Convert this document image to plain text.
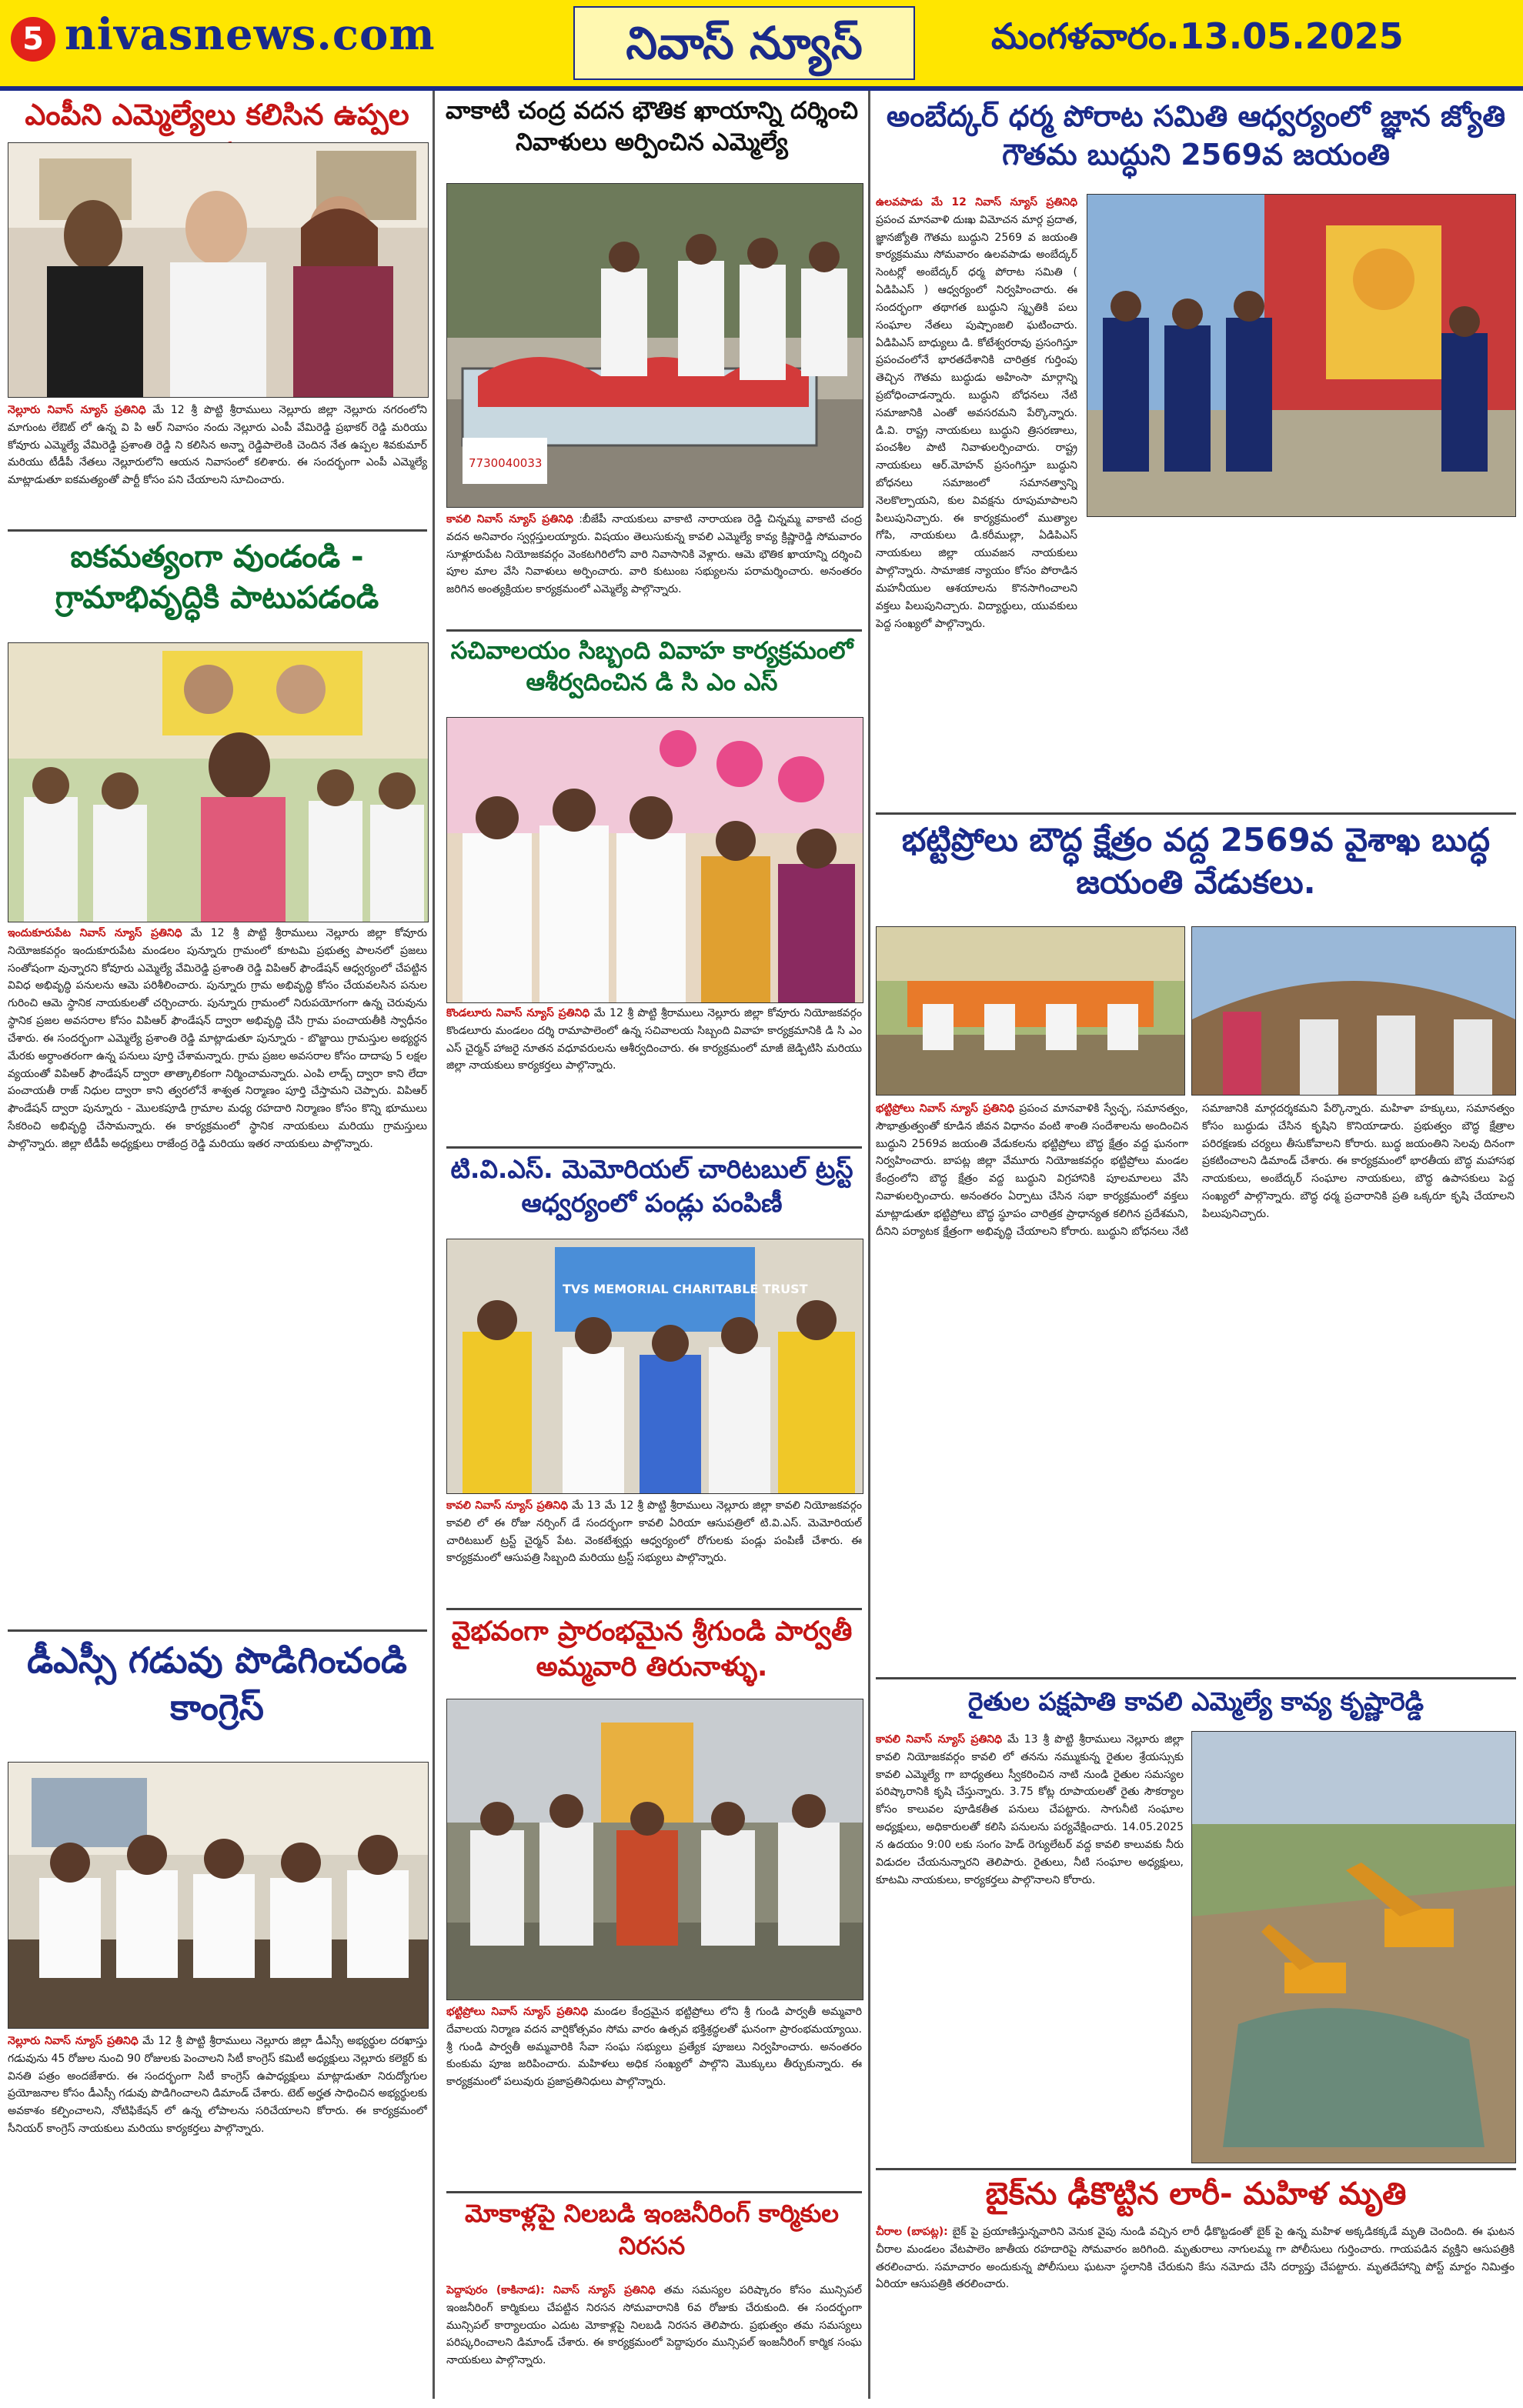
5 nivasnews.com	నివాస్ న్యూస్	మంగళవారం.13.05.2025
ఎంపీని ఎమ్మెల్యేలు కలిసిన ఉప్పల
నెల్లూరు నివాస్ న్యూస్ ప్రతినిధి మే 12 శ్రీ పొట్టి శ్రీరాములు నెల్లూరు జిల్లా నెల్లూరు నగరంలోని మాగుంట లేఔట్ లో ఉన్న వి పి ఆర్ నివాసం నందు నెల్లూరు ఎంపీ వేమిరెడ్డి ప్రభాకర్ రెడ్డి మరియు కోవూరు ఎమ్మెల్యే వేమిరెడ్డి ప్రశాంతి రెడ్డి ని కలిసిన అన్నా రెడ్డిపాలెంకి చెందిన నేత ఉప్పల శివకుమార్ మరియు టీడీపీ నేతలు నెల్లూరులోని ఆయన నివాసంలో కలిశారు. ఈ సందర్భంగా ఎంపీ ఎమ్మెల్యే మాట్లాడుతూ ఐకమత్యంతో పార్టీ కోసం పని చేయాలని సూచించారు.
ఐకమత్యంగా వుండండి - గ్రామాభివృద్ధికి పాటుపడండి
ఇందుకూరుపేట నివాస్ న్యూస్ ప్రతినిధి మే 12 శ్రీ పొట్టి శ్రీరాములు నెల్లూరు జిల్లా కోవూరు నియోజకవర్గం ఇందుకూరుపేట మండలం పున్నూరు గ్రామంలో కూటమి ప్రభుత్వ పాలనలో ప్రజలు సంతోషంగా వున్నారని కోవూరు ఎమ్మెల్యే వేమిరెడ్డి ప్రశాంతి రెడ్డి విపిఆర్ ఫౌండేషన్ ఆధ్వర్యంలో చేపట్టిన వివిధ అభివృద్ధి పనులను ఆమె పరిశీలించారు. పున్నూరు గ్రామ అభివృద్ధి కోసం చేయవలసిన పనుల గురించి ఆమె స్థానిక నాయకులతో చర్చించారు. పున్నూరు గ్రామంలో నిరుపయోగంగా ఉన్న చెరువును స్థానిక ప్రజల అవసరాల కోసం విపిఆర్ ఫౌండేషన్ ద్వారా అభివృద్ధి చేసి గ్రామ పంచాయతీకి స్వాధీనం చేశారు. ఈ సందర్భంగా ఎమ్మెల్యే ప్రశాంతి రెడ్డి మాట్లాడుతూ పున్నూరు - బొజ్జాయి గ్రామస్తుల అభ్యర్థన మేరకు అర్ధాంతరంగా ఉన్న పనులు పూర్తి చేశామన్నారు. గ్రామ ప్రజల అవసరాల కోసం దాదాపు 5 లక్షల వ్యయంతో విపిఆర్ ఫౌండేషన్ ద్వారా తాత్కాలికంగా నిర్మించామన్నారు. ఎంపి లాడ్స్ ద్వారా కాని లేదా పంచాయతీ రాజ్ నిధుల ద్వారా కాని త్వరలోనే శాశ్వత నిర్మాణం పూర్తి చేస్తామని చెప్పారు. విపిఆర్ ఫౌండేషన్ ద్వారా పున్నూరు - మొలకపూడి గ్రామాల మధ్య రహదారి నిర్మాణం కోసం కొన్ని భూములు సేకరించి అభివృద్ధి చేసామన్నారు. ఈ కార్యక్రమంలో స్థానిక నాయకులు మరియు గ్రామస్తులు పాల్గొన్నారు. జిల్లా టీడీపీ అధ్యక్షులు రాజేంద్ర రెడ్డి మరియు ఇతర నాయకులు పాల్గొన్నారు.
డీఎస్సీ గడువు పొడిగించండి కాంగ్రెస్
నెల్లూరు నివాస్ న్యూస్ ప్రతినిధి మే 12 శ్రీ పొట్టి శ్రీరాములు నెల్లూరు జిల్లా డీఎస్సీ అభ్యర్థుల దరఖాస్తు గడువును 45 రోజుల నుంచి 90 రోజులకు పెంచాలని సిటీ కాంగ్రెస్ కమిటీ అధ్యక్షులు నెల్లూరు కలెక్టర్ కు వినతి పత్రం అందజేశారు. ఈ సందర్భంగా సిటీ కాంగ్రెస్ ఉపాధ్యక్షులు మాట్లాడుతూ నిరుద్యోగుల ప్రయోజనాల కోసం డీఎస్సీ గడువు పొడిగించాలని డిమాండ్ చేశారు. టెట్ అర్హత సాధించిన అభ్యర్థులకు అవకాశం కల్పించాలని, నోటిఫికేషన్ లో ఉన్న లోపాలను సరిచేయాలని కోరారు. ఈ కార్యక్రమంలో సీనియర్ కాంగ్రెస్ నాయకులు మరియు కార్యకర్తలు పాల్గొన్నారు.
వాకాటి చంద్ర వదన భౌతిక ఖాయాన్ని దర్శించి నివాళులు అర్పించిన ఎమ్మెల్యే
7730040033
కావలి నివాస్ న్యూస్ ప్రతినిధి :బీజేపీ నాయకులు వాకాటి నారాయణ రెడ్డి చిన్నమ్మ వాకాటి చంద్ర వదన అనివారం స్వర్గస్తులయ్యారు. విషయం తెలుసుకున్న కావలి ఎమ్మెల్యే కావ్య క్రిష్ణారెడ్డి సోమవారం సూళ్లూరుపేట నియోజకవర్గం వెంకటగిరిలోని వారి నివాసానికి వెళ్లారు. ఆమె భౌతిక ఖాయాన్ని దర్శించి పూల మాల వేసి నివాళులు అర్పించారు. వారి కుటుంబ సభ్యులను పరామర్శించారు. అనంతరం జరిగిన అంత్యక్రియల కార్యక్రమంలో ఎమ్మెల్యే పాల్గొన్నారు.
సచివాలయం సిబ్బంది వివాహ కార్యక్రమంలో ఆశీర్వదించిన డి సి ఎం ఎస్
కొండలూరు నివాస్ న్యూస్ ప్రతినిధి మే 12 శ్రీ పొట్టి శ్రీరాములు నెల్లూరు జిల్లా కోవూరు నియోజకవర్గం కొండలూరు మండలం దర్శి రామాపాలెంలో ఉన్న సచివాలయ సిబ్బంది వివాహ కార్యక్రమానికి డి సి ఎం ఎస్ చైర్మన్ హాజరై నూతన వధూవరులను ఆశీర్వదించారు. ఈ కార్యక్రమంలో మాజీ జెడ్పిటిసి మరియు జిల్లా నాయకులు కార్యకర్తలు పాల్గొన్నారు.
టి.వి.ఎస్. మెమోరియల్ చారిటబుల్ ట్రస్ట్ ఆధ్వర్యంలో పండ్లు పంపిణీ
TVS MEMORIAL CHARITABLE TRUST
కావలి నివాస్ న్యూస్ ప్రతినిధి మే 13 మే 12 శ్రీ పొట్టి శ్రీరాములు నెల్లూరు జిల్లా కావలి నియోజకవర్గం కావలి లో ఈ రోజు నర్సింగ్ డే సందర్భంగా కావలి ఏరియా ఆసుపత్రిలో టి.వి.ఎస్. మెమోరియల్ చారిటబుల్ ట్రస్ట్ చైర్మన్ పేట. వెంకటేశ్వర్లు ఆధ్వర్యంలో రోగులకు పండ్లు పంపిణీ చేశారు. ఈ కార్యక్రమంలో ఆసుపత్రి సిబ్బంది మరియు ట్రస్ట్ సభ్యులు పాల్గొన్నారు.
వైభవంగా ప్రారంభమైన శ్రీగుండి పార్వతీ అమ్మవారి తిరునాళ్ళు.
భట్టిప్రోలు నివాస్ న్యూస్ ప్రతినిధి మండల కేంద్రమైన భట్టిప్రోలు లోని శ్రీ గుండి పార్వతీ అమ్మవారి దేవాలయ నిర్మాణ వదన వార్షికోత్సవం సోమ వారం ఉత్సవ భక్తిశ్రద్ధలతో ఘనంగా ప్రారంభమయ్యాయి. శ్రీ గుండి పార్వతీ అమ్మవారికి సేవా సంఘ సభ్యులు ప్రత్యేక పూజలు నిర్వహించారు. అనంతరం కుంకుమ పూజ జరిపించారు. మహిళలు అధిక సంఖ్యలో పాల్గొని మొక్కులు తీర్చుకున్నారు. ఈ కార్యక్రమంలో పలువురు ప్రజాప్రతినిధులు పాల్గొన్నారు.
మోకాళ్లపై నిలబడి ఇంజనీరింగ్ కార్మికుల నిరసన
పెద్దాపురం (కాకినాడ): నివాస్ న్యూస్ ప్రతినిధి తమ సమస్యల పరిష్కారం కోసం మున్సిపల్ ఇంజనీరింగ్ కార్మికులు చేపట్టిన నిరసన సోమవారానికి 6వ రోజుకు చేరుకుంది. ఈ సందర్భంగా మున్సిపల్ కార్యాలయం ఎదుట మోకాళ్లపై నిలబడి నిరసన తెలిపారు. ప్రభుత్వం తమ సమస్యలు పరిష్కరించాలని డిమాండ్ చేశారు. ఈ కార్యక్రమంలో పెద్దాపురం మున్సిపల్ ఇంజనీరింగ్ కార్మిక సంఘ నాయకులు పాల్గొన్నారు.
అంబేద్కర్ ధర్మ పోరాట సమితి ఆధ్వర్యంలో జ్ఞాన జ్యోతి గౌతమ బుద్ధుని 2569వ జయంతి
ఉలవపాడు మే 12 నివాస్ న్యూస్ ప్రతినిధి ప్రపంచ మానవాళి దుఃఖ విమోచన మార్గ ప్రదాత, జ్ఞానజ్యోతి గౌతమ బుద్ధుని 2569 వ జయంతి కార్యక్రమము సోమవారం ఉలవపాడు అంబేద్కర్ సెంటర్లో అంబేద్కర్ ధర్మ పోరాట సమితి ( ఏడిపిఎస్ ) ఆధ్వర్యంలో నిర్వహించారు. ఈ సందర్భంగా తథాగత బుద్ధుని స్మృతికి పలు సంఘాల నేతలు పుష్పాంజలి ఘటించారు. ఏడిపిఎస్ బాధ్యులు డి. కోటేశ్వరరావు ప్రసంగిస్తూ ప్రపంచంలోనే భారతదేశానికి చారిత్రక గుర్తింపు తెచ్చిన గౌతమ బుద్ధుడు అహింసా మార్గాన్ని ప్రబోధించాడన్నారు. బుద్ధుని బోధనలు నేటి సమాజానికి ఎంతో అవసరమని పేర్కొన్నారు. డి.వి. రాష్ట్ర నాయకులు బుద్ధుని త్రిసరణాలు, పంచశీల పాటి నివాళులర్పించారు. రాష్ట్ర నాయకులు ఆర్.మోహన్ ప్రసంగిస్తూ బుద్ధుని బోధనలు సమాజంలో సమానత్వాన్ని నెలకొల్పాయని, కుల వివక్షను రూపుమాపాలని పిలుపునిచ్చారు. ఈ కార్యక్రమంలో ముత్యాల గోపి, నాయకులు డి.కరీముల్లా, ఏడిపిఎస్ నాయకులు జిల్లా యువజన నాయకులు పాల్గొన్నారు. సామాజిక న్యాయం కోసం పోరాడిన మహనీయుల ఆశయాలను కొనసాగించాలని వక్తలు పిలుపునిచ్చారు. విద్యార్థులు, యువకులు పెద్ద సంఖ్యలో పాల్గొన్నారు.
భట్టిప్రోలు బౌద్ధ క్షేత్రం వద్ద 2569వ వైశాఖ బుద్ధ జయంతి వేడుకలు.
భట్టిప్రోలు నివాస్ న్యూస్ ప్రతినిధి ప్రపంచ మానవాళికి స్వేచ్ఛ, సమానత్వం, సౌభాత్రుత్వంతో కూడిన జీవన విధానం వంటి శాంతి సందేశాలను అందించిన బుద్ధుని 2569వ జయంతి వేడుకలను భట్టిప్రోలు బౌద్ధ క్షేత్రం వద్ద ఘనంగా నిర్వహించారు. బాపట్ల జిల్లా వేమూరు నియోజకవర్గం భట్టిప్రోలు మండల కేంద్రంలోని బౌద్ధ క్షేత్రం వద్ద బుద్ధుని విగ్రహానికి పూలమాలలు వేసి నివాళులర్పించారు. అనంతరం ఏర్పాటు చేసిన సభా కార్యక్రమంలో వక్తలు మాట్లాడుతూ భట్టిప్రోలు బౌద్ధ స్థూపం చారిత్రక ప్రాధాన్యత కలిగిన ప్రదేశమని, దీనిని పర్యాటక క్షేత్రంగా అభివృద్ధి చేయాలని కోరారు. బుద్ధుని బోధనలు నేటి సమాజానికి మార్గదర్శకమని పేర్కొన్నారు. మహిళా హక్కులు, సమానత్వం కోసం బుద్ధుడు చేసిన కృషిని కొనియాడారు. ప్రభుత్వం బౌద్ధ క్షేత్రాల పరిరక్షణకు చర్యలు తీసుకోవాలని కోరారు. బుద్ధ జయంతిని సెలవు దినంగా ప్రకటించాలని డిమాండ్ చేశారు. ఈ కార్యక్రమంలో భారతీయ బౌద్ధ మహాసభ నాయకులు, అంబేద్కర్ సంఘాల నాయకులు, బౌద్ధ ఉపాసకులు పెద్ద సంఖ్యలో పాల్గొన్నారు. బౌద్ధ ధర్మ ప్రచారానికి ప్రతి ఒక్కరూ కృషి చేయాలని పిలుపునిచ్చారు.
రైతుల పక్షపాతి కావలి ఎమ్మెల్యే కావ్య కృష్ణారెడ్డి
కావలి నివాస్ న్యూస్ ప్రతినిధి మే 13 శ్రీ పొట్టి శ్రీరాములు నెల్లూరు జిల్లా కావలి నియోజకవర్గం కావలి లో తనను నమ్ముకున్న రైతుల శ్రేయస్సుకు కావలి ఎమ్మెల్యే గా బాధ్యతలు స్వీకరించిన నాటి నుండి రైతుల సమస్యల పరిష్కారానికి కృషి చేస్తున్నారు. 3.75 కోట్ల రూపాయలతో రైతు సౌకర్యాల కోసం కాలువల పూడికతీత పనులు చేపట్టారు. సాగునీటి సంఘాల అధ్యక్షులు, అధికారులతో కలిసి పనులను పర్యవేక్షించారు. 14.05.2025 న ఉదయం 9:00 లకు సంగం హెడ్ రెగ్యులేటర్ వద్ద కావలి కాలువకు నీరు విడుదల చేయనున్నారని తెలిపారు. రైతులు, నీటి సంఘాల అధ్యక్షులు, కూటమి నాయకులు, కార్యకర్తలు పాల్గొనాలని కోరారు.
బైక్‌ను ఢీకొట్టిన లారీ- మహిళ మృతి
చీరాల (బాపట్ల): బైక్ పై ప్రయాణిస్తున్నవారిని వెనుక వైపు నుండి వచ్చిన లారీ ఢీకొట్టడంతో బైక్ పై ఉన్న మహిళ అక్కడికక్కడే మృతి చెందింది. ఈ ఘటన చీరాల మండలం వేటపాలెం జాతీయ రహదారిపై సోమవారం జరిగింది. మృతురాలు నాగులమ్మ గా పోలీసులు గుర్తించారు. గాయపడిన వ్యక్తిని ఆసుపత్రికి తరలించారు. సమాచారం అందుకున్న పోలీసులు ఘటనా స్థలానికి చేరుకుని కేసు నమోదు చేసి దర్యాప్తు చేపట్టారు. మృతదేహాన్ని పోస్ట్ మార్టం నిమిత్తం ఏరియా ఆసుపత్రికి తరలించారు.
